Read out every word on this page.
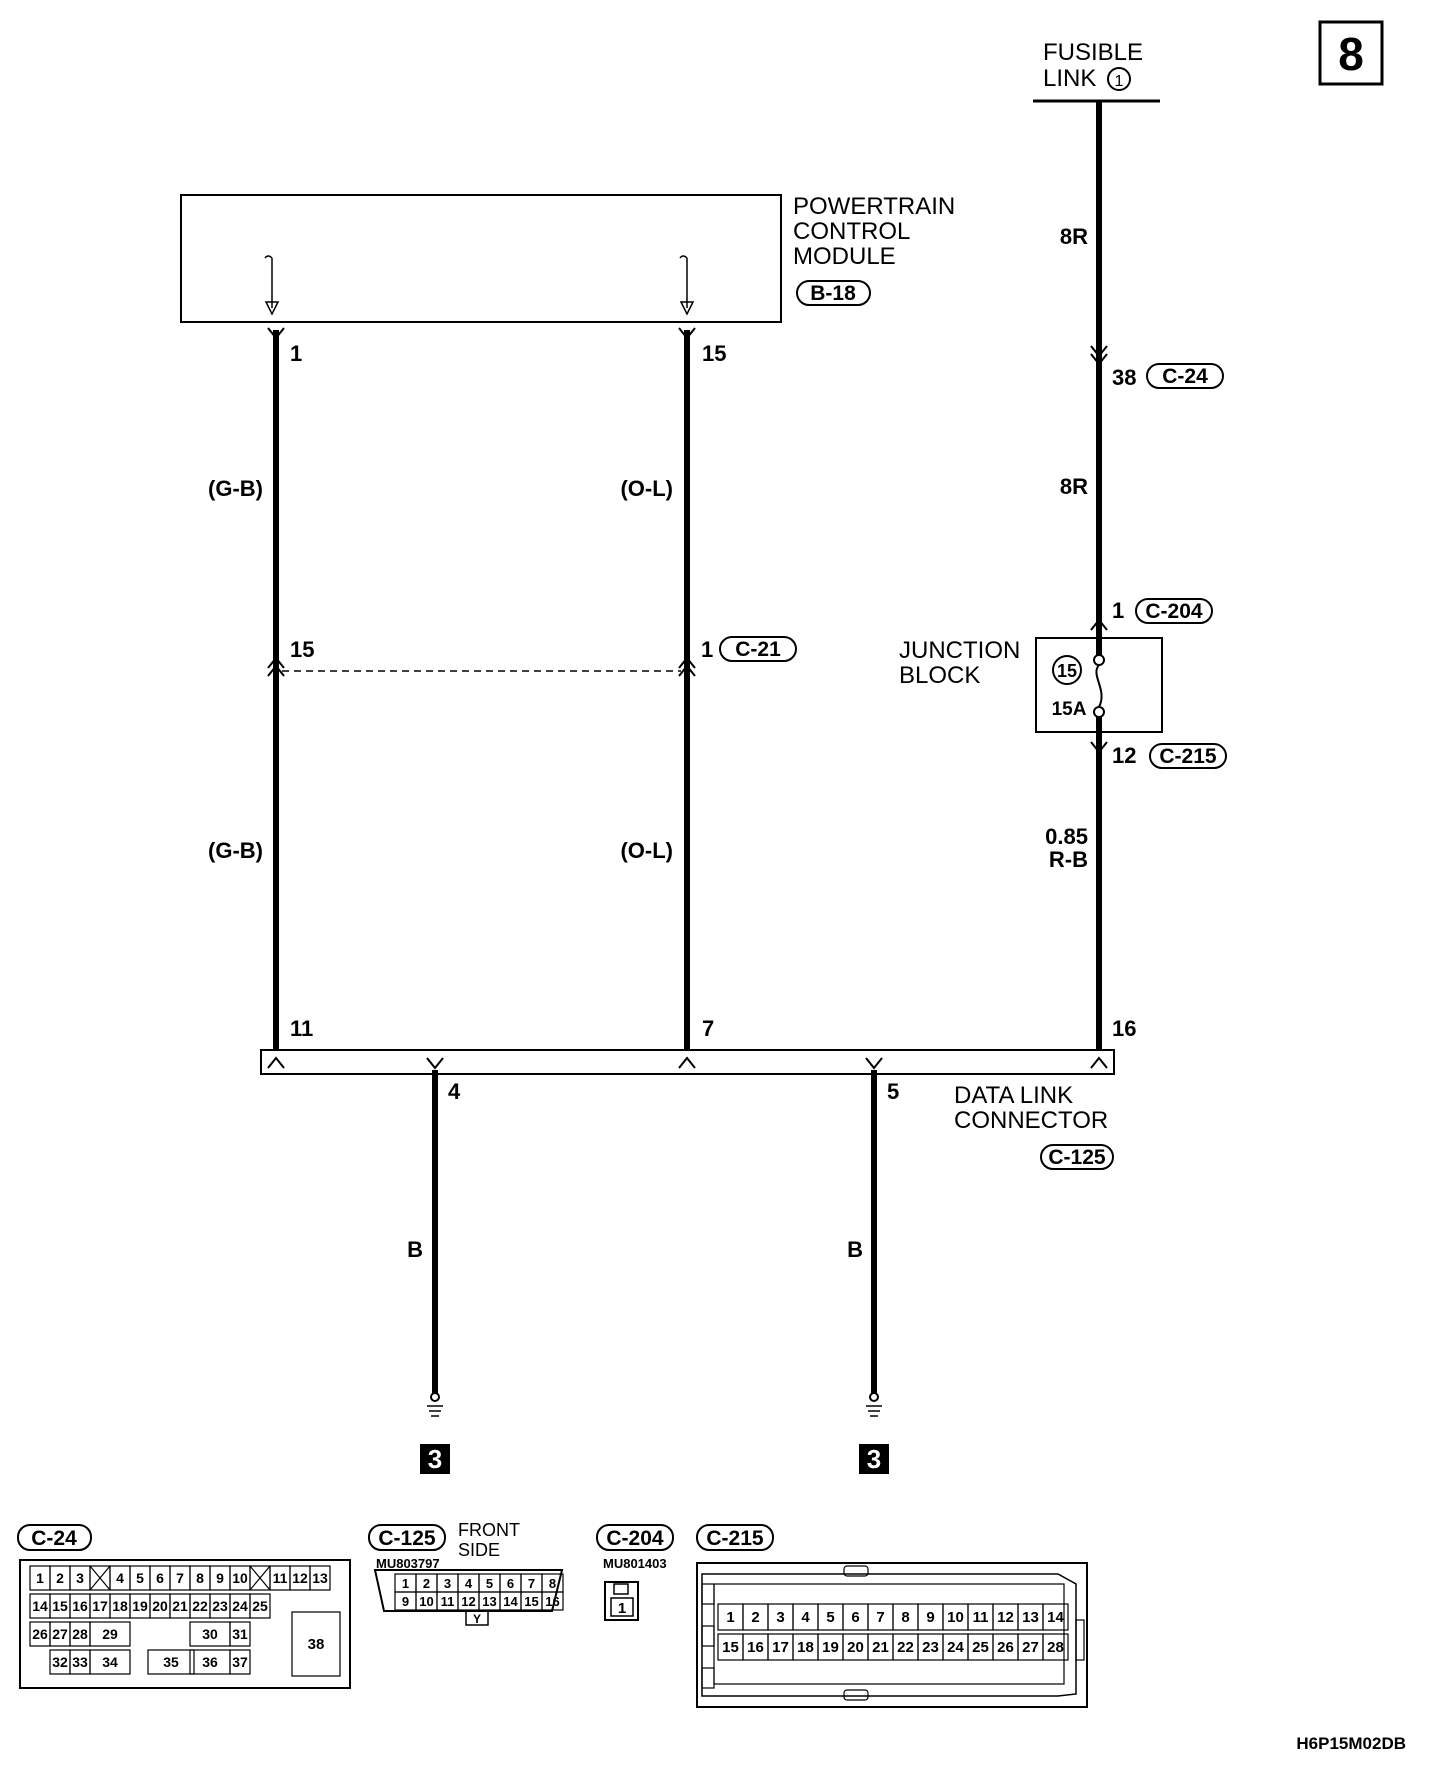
8
FUSIBLE
LINK 1
POWERTRAIN
CONTROL
MODULE
B-18
1
(G-B)
15
(G-B)
11
15
(O-L)
1 C-21
(O-L)
7
8R
38 C-24
8R
1 C-204
12 C-215
0.85
R-B
16
15
15A
JUNCTION
BLOCK
DATA LINK
CONNECTOR
C-125
4
B
3
5
B
3
C-24
1 2 3 4 5 6 7 8 9 10 11 12 13
14 15 16 17 18 19 20 21 22 23 24 25
26 27 28 29	30 31
32 33 34	35 36 37
38
C-125 FRONT
SIDE
MU803797
1 2 3 4 5 6 7 8
9 10 11 12 13 14 15 16
Y
C-204
MU801403
1
C-215
1 2 3 4 5 6 7 8 9 10 11 12 13 14
15 16 17 18 19 20 21 22 23 24 25 26 27 28
H6P15M02DB
